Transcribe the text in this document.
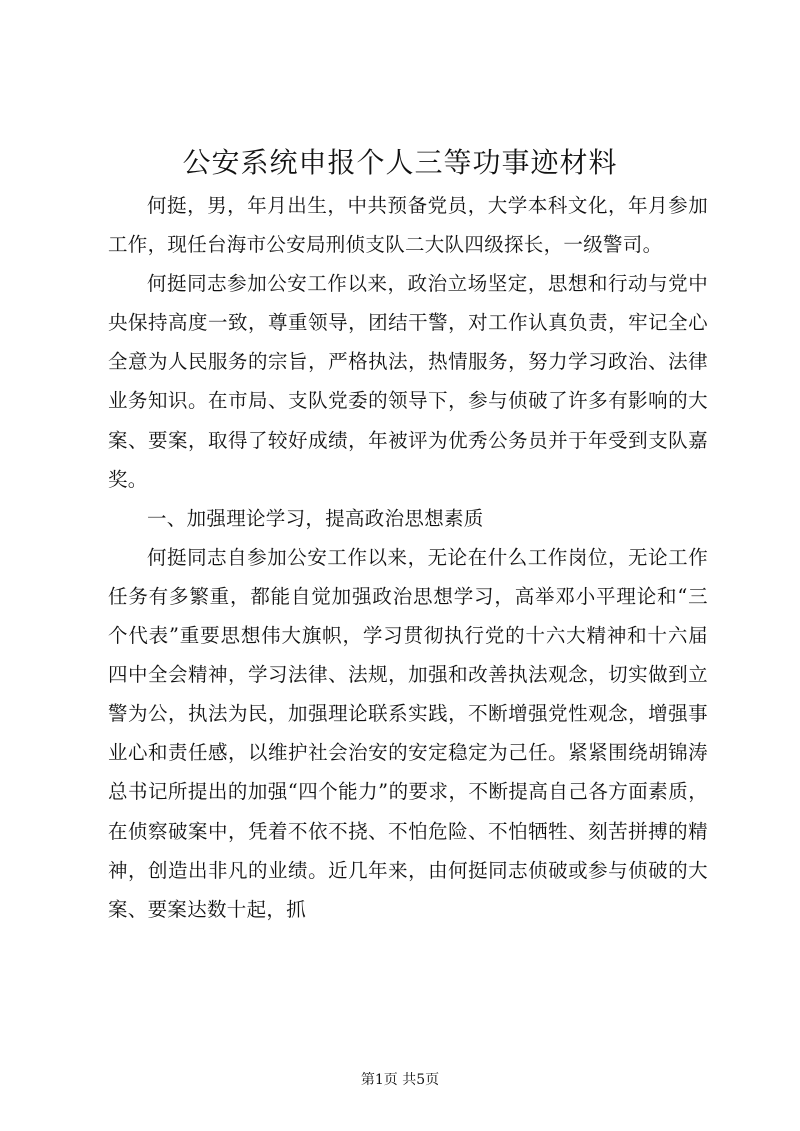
公安系统申报个人三等功事迹材料

何挺，男，年月出生，中共预备党员，大学本科文化，年月参加工作，现任台海市公安局刑侦支队二大队四级探长，一级警司。

何挺同志参加公安工作以来，政治立场坚定，思想和行动与党中央保持高度一致，尊重领导，团结干警，对工作认真负责，牢记全心全意为人民服务的宗旨，严格执法，热情服务，努力学习政治、法律业务知识。在市局、支队党委的领导下，参与侦破了许多有影响的大案、要案，取得了较好成绩，年被评为优秀公务员并于年受到支队嘉奖。

一、加强理论学习，提高政治思想素质

何挺同志自参加公安工作以来，无论在什么工作岗位，无论工作任务有多繁重，都能自觉加强政治思想学习，高举邓小平理论和“三个代表”重要思想伟大旗帜，学习贯彻执行党的十六大精神和十六届四中全会精神，学习法律、法规，加强和改善执法观念，切实做到立警为公，执法为民，加强理论联系实践，不断增强党性观念，增强事业心和责任感，以维护社会治安的安定稳定为己任。紧紧围绕胡锦涛总书记所提出的加强“四个能力”的要求，不断提高自己各方面素质，在侦察破案中，凭着不依不挠、不怕危险、不怕牺牲、刻苦拼搏的精神，创造出非凡的业绩。近几年来，由何挺同志侦破或参与侦破的大案、要案达数十起，抓

第1页 共5页
